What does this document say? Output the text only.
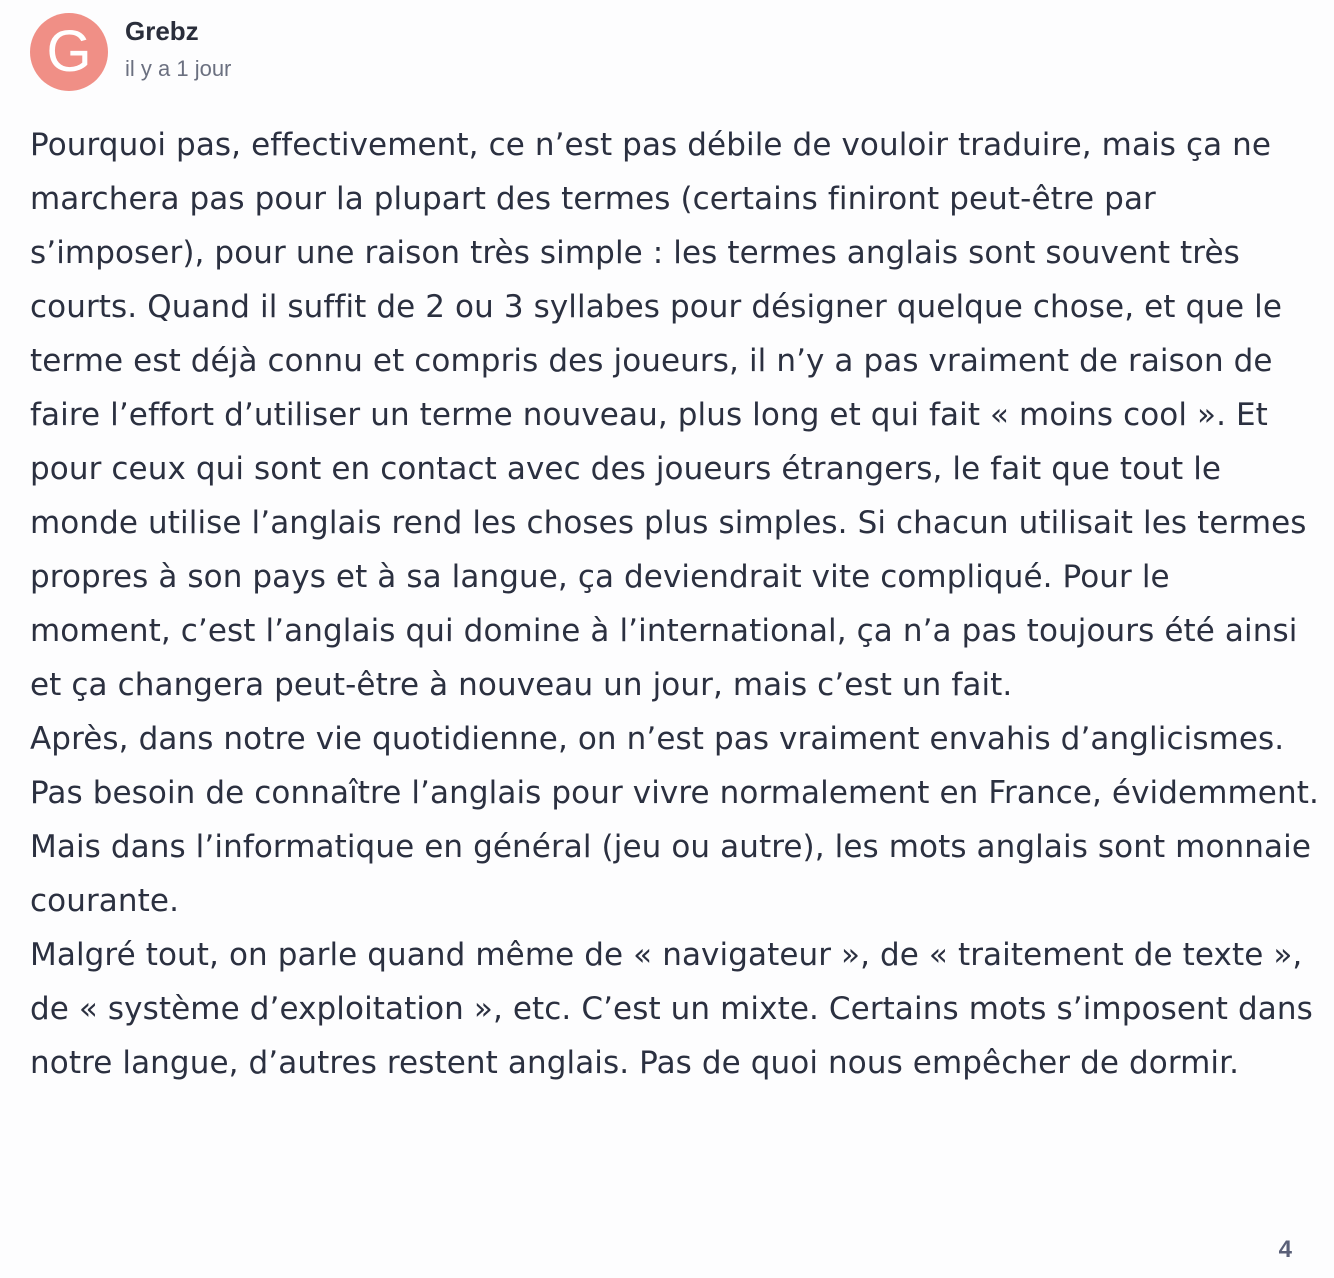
G Grebz
il y a 1 jour

Pourquoi pas, effectivement, ce n’est pas débile de vouloir traduire, mais ça ne marchera pas pour la plupart des termes (certains finiront peut-être par s’imposer), pour une raison très simple : les termes anglais sont souvent très courts. Quand il suffit de 2 ou 3 syllabes pour désigner quelque chose, et que le terme est déjà connu et compris des joueurs, il n’y a pas vraiment de raison de faire l’effort d’utiliser un terme nouveau, plus long et qui fait « moins cool ». Et pour ceux qui sont en contact avec des joueurs étrangers, le fait que tout le monde utilise l’anglais rend les choses plus simples. Si chacun utilisait les termes propres à son pays et à sa langue, ça deviendrait vite compliqué. Pour le moment, c’est l’anglais qui domine à l’international, ça n’a pas toujours été ainsi et ça changera peut-être à nouveau un jour, mais c’est un fait.

Après, dans notre vie quotidienne, on n’est pas vraiment envahis d’anglicismes. Pas besoin de connaître l’anglais pour vivre normalement en France, évidemment. Mais dans l’informatique en général (jeu ou autre), les mots anglais sont monnaie courante.

Malgré tout, on parle quand même de « navigateur », de « traitement de texte », de « système d’exploitation », etc. C’est un mixte. Certains mots s’imposent dans notre langue, d’autres restent anglais. Pas de quoi nous empêcher de dormir.

4
